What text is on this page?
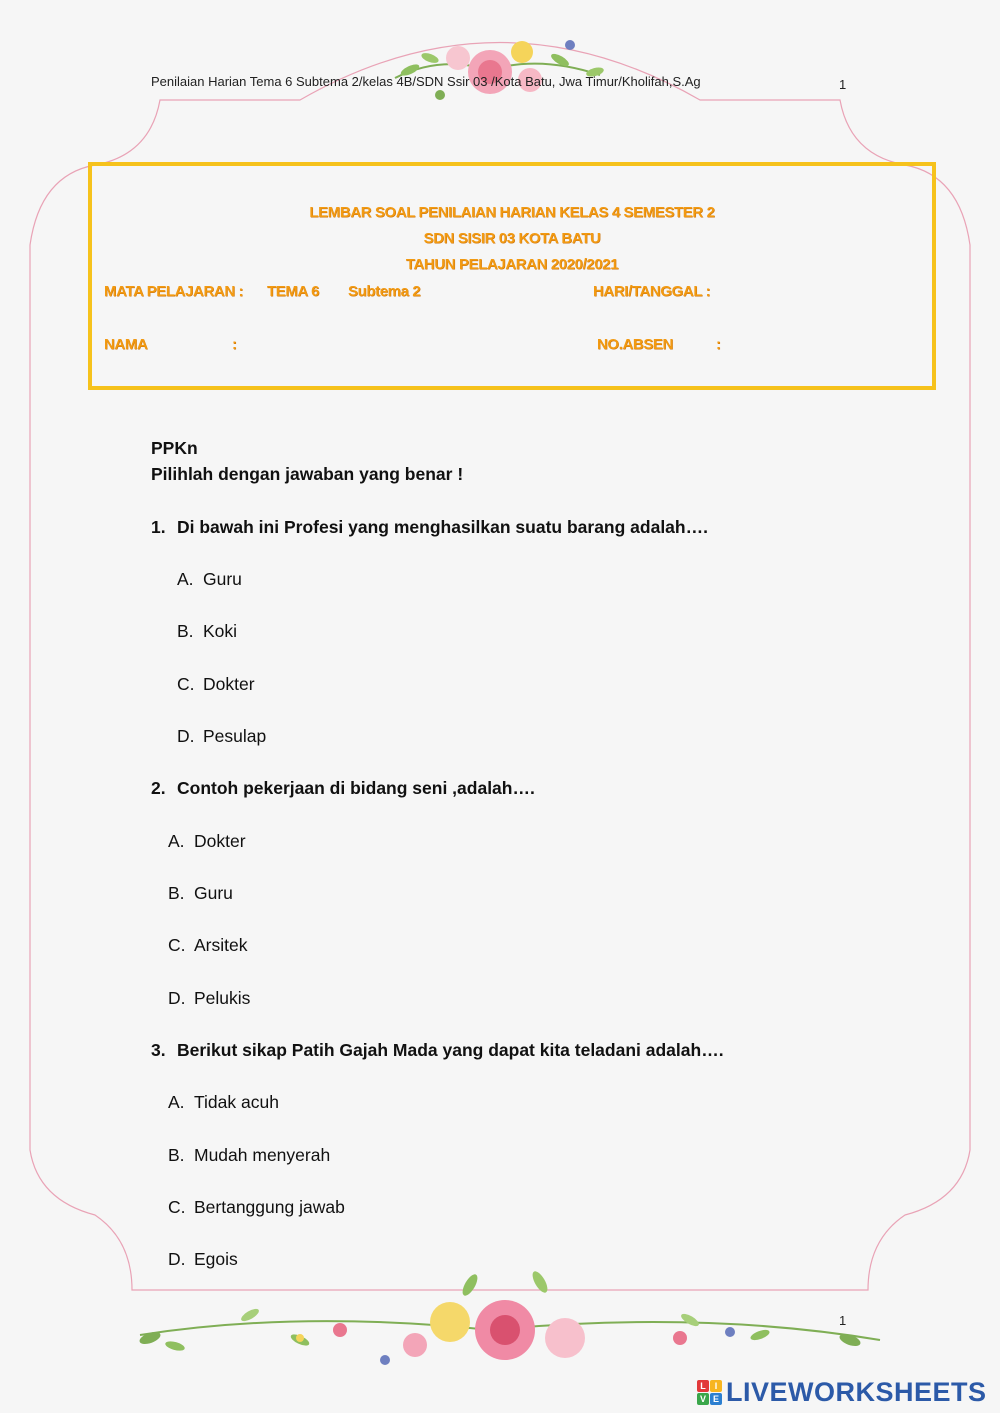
Penilaian Harian Tema 6 Subtema 2/kelas 4B/SDN Ssir 03 /Kota Batu, Jwa Timur/Kholifah,S.Ag	1
LEMBAR SOAL PENILAIAN HARIAN KELAS 4 SEMESTER 2
SDN SISIR 03 KOTA BATU
TAHUN PELAJARAN 2020/2021
MATA PELAJARAN : TEMA 6 Subtema 2	HARI/TANGGAL :
NAMA	:	NO.ABSEN	:
PPKn
Pilihlah dengan jawaban yang benar !
1. Di bawah ini Profesi yang menghasilkan suatu barang adalah….
A. Guru
B. Koki
C. Dokter
D. Pesulap
2. Contoh pekerjaan di bidang seni ,adalah….
A. Dokter
B. Guru
C. Arsitek
D. Pelukis
3. Berikut sikap Patih Gajah Mada yang dapat kita teladani adalah….
A. Tidak acuh
B. Mudah menyerah
C. Bertanggung jawab
D. Egois
1
L I
V E LIVEWORKSHEETS
